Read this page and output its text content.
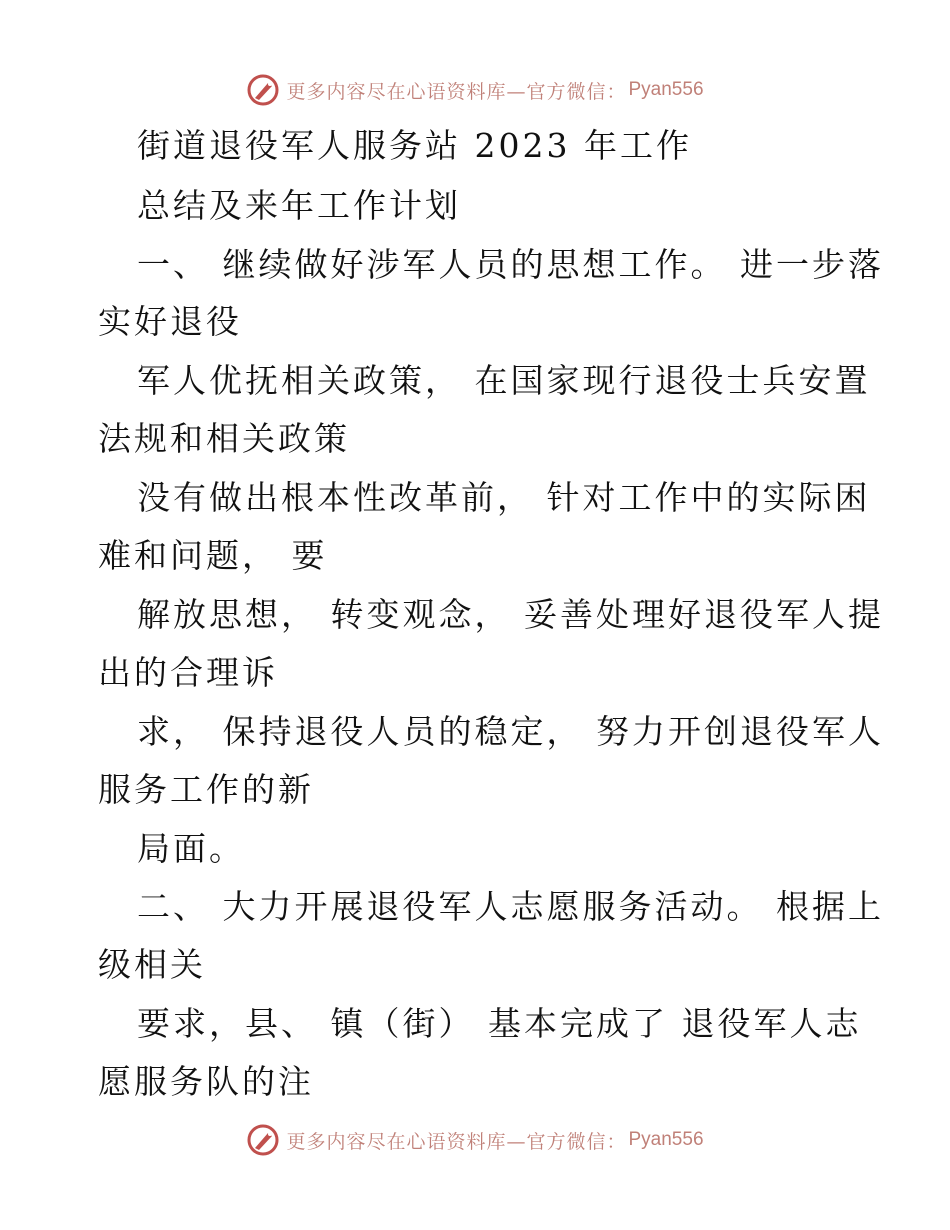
更多内容尽在心语资料库—官方微信： Pyan556
街道退役军人服务站 2023 年工作
总结及来年工作计划
一、 继续做好涉军人员的思想工作。 进一步落
实好退役
军人优抚相关政策， 在国家现行退役士兵安置
法规和相关政策
没有做出根本性改革前， 针对工作中的实际困
难和问题， 要
解放思想， 转变观念， 妥善处理好退役军人提
出的合理诉
求， 保持退役人员的稳定， 努力开创退役军人
服务工作的新
局面。
二、 大力开展退役军人志愿服务活动。 根据上
级相关
要求，县、 镇（街） 基本完成了 退役军人志
愿服务队的注
更多内容尽在心语资料库—官方微信： Pyan556
